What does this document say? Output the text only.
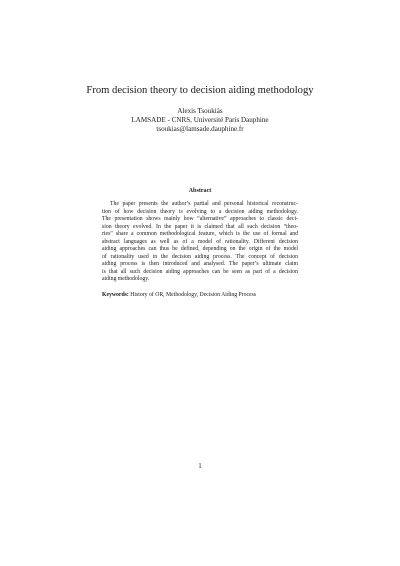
From decision theory to decision aiding methodology
Alexis Tsoukiàs
LAMSADE - CNRS, Université Paris Dauphine
tsoukias@lamsade.dauphine.fr
Abstract
The paper presents the author’s partial and personal historical reconstruc-
tion of how decision theory is evolving to a decision aiding methodology.
The presentation shows mainly how “alternative” approaches to classic deci-
sion theory evolved. In the paper it is claimed that all such decision “theo-
ries” share a common methodological feature, which is the use of formal and
abstract languages as well as of a model of rationality. Different decision
aiding approaches can thus be defined, depending on the origin of the model
of rationality used in the decision aiding process. The concept of decision
aiding process is then introduced and analysed. The paper’s ultimate claim
is that all such decision aiding approaches can be seen as part of a decision
aiding methodology.
Keywords: History of OR, Methodology, Decision Aiding Process
1
